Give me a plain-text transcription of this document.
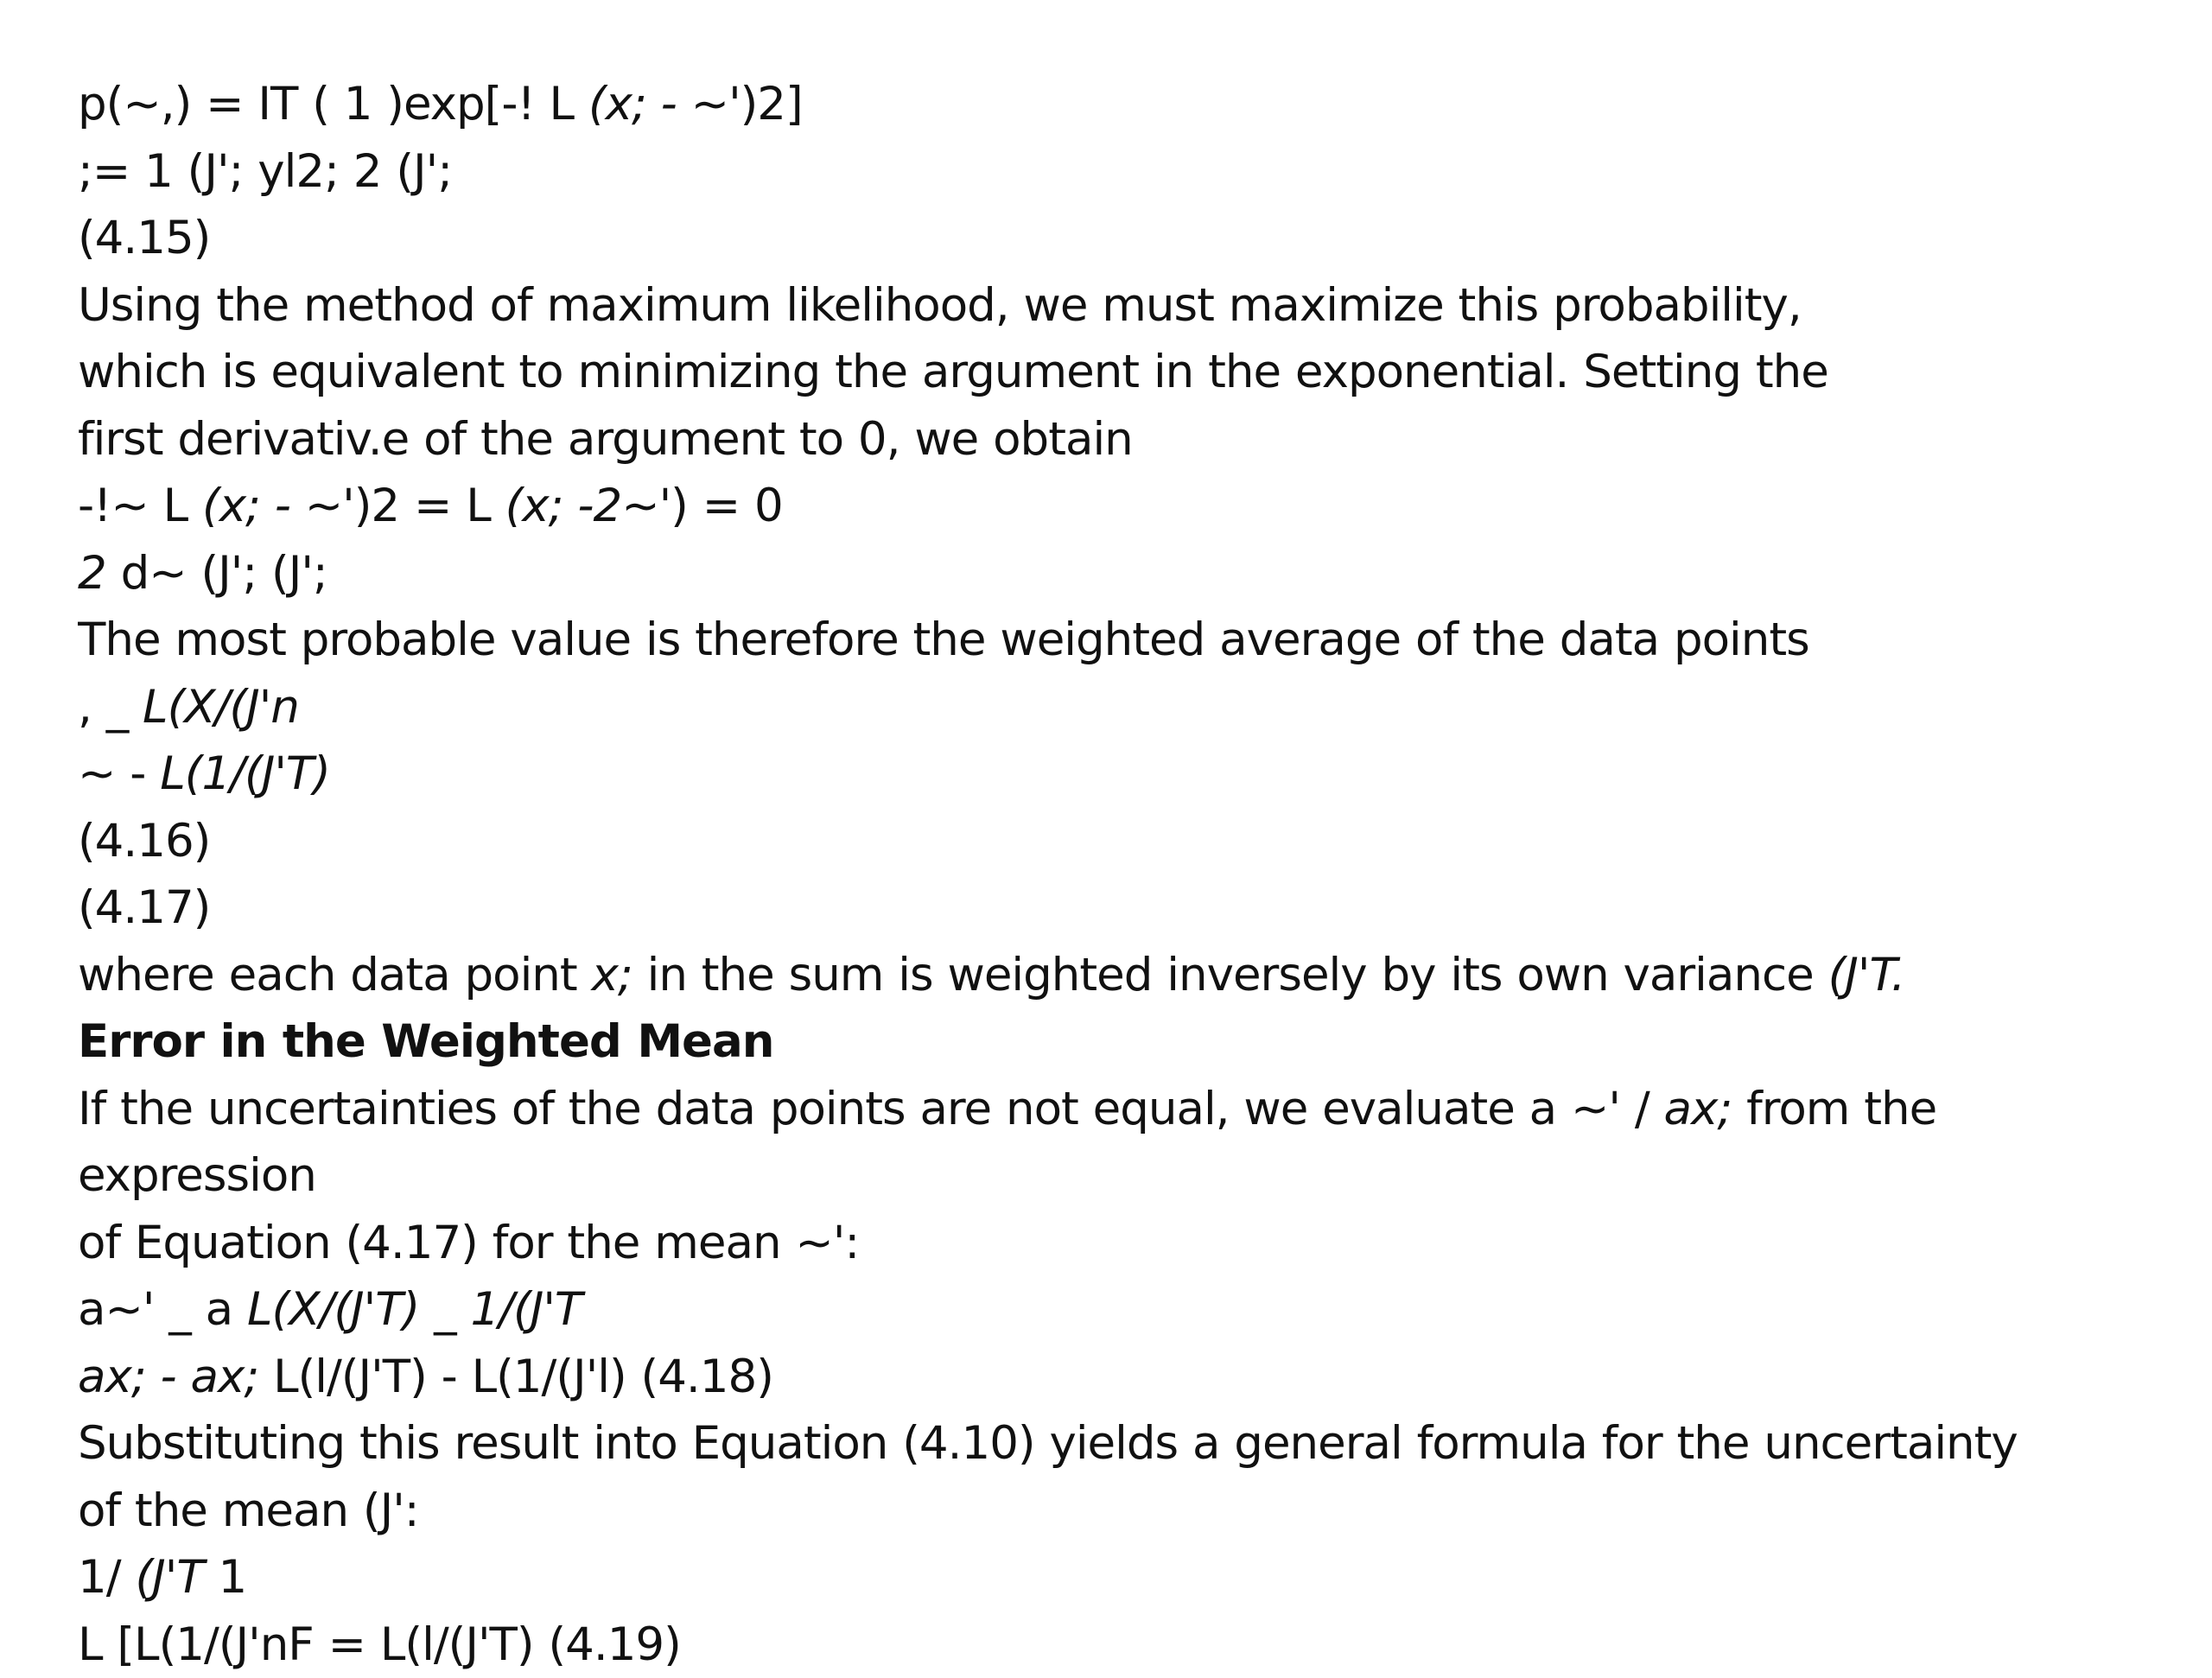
p(~,) = IT ( 1 )exp[-! L (x; - ~')2]
;= 1 (J'; yl2; 2 (J';
(4.15)
Using the method of maximum likelihood, we must maximize this probability,
which is equivalent to minimizing the argument in the exponential. Setting the
first derivativ.e of the argument to 0, we obtain
-!~ L (x; - ~')2 = L (x; -2~') = 0
2 d~ (J'; (J';
The most probable value is therefore the weighted average of the data points
, _ L(X/(J'n
~ - L(1/(J'T)
(4.16)
(4.17)
where each data point x; in the sum is weighted inversely by its own variance (J'T.
Error in the Weighted Mean
If the uncertainties of the data points are not equal, we evaluate a ~' / ax; from the
expression
of Equation (4.17) for the mean ~':
a~' _ a L(X/(J'T) _ 1/(J'T
ax; - ax; L(l/(J'T) - L(1/(J'l) (4.18)
Substituting this result into Equation (4.10) yields a general formula for the uncertainty
of the mean (J':
1/ (J'T 1
L [L(1/(J'nF = L(l/(J'T) (4.19)
